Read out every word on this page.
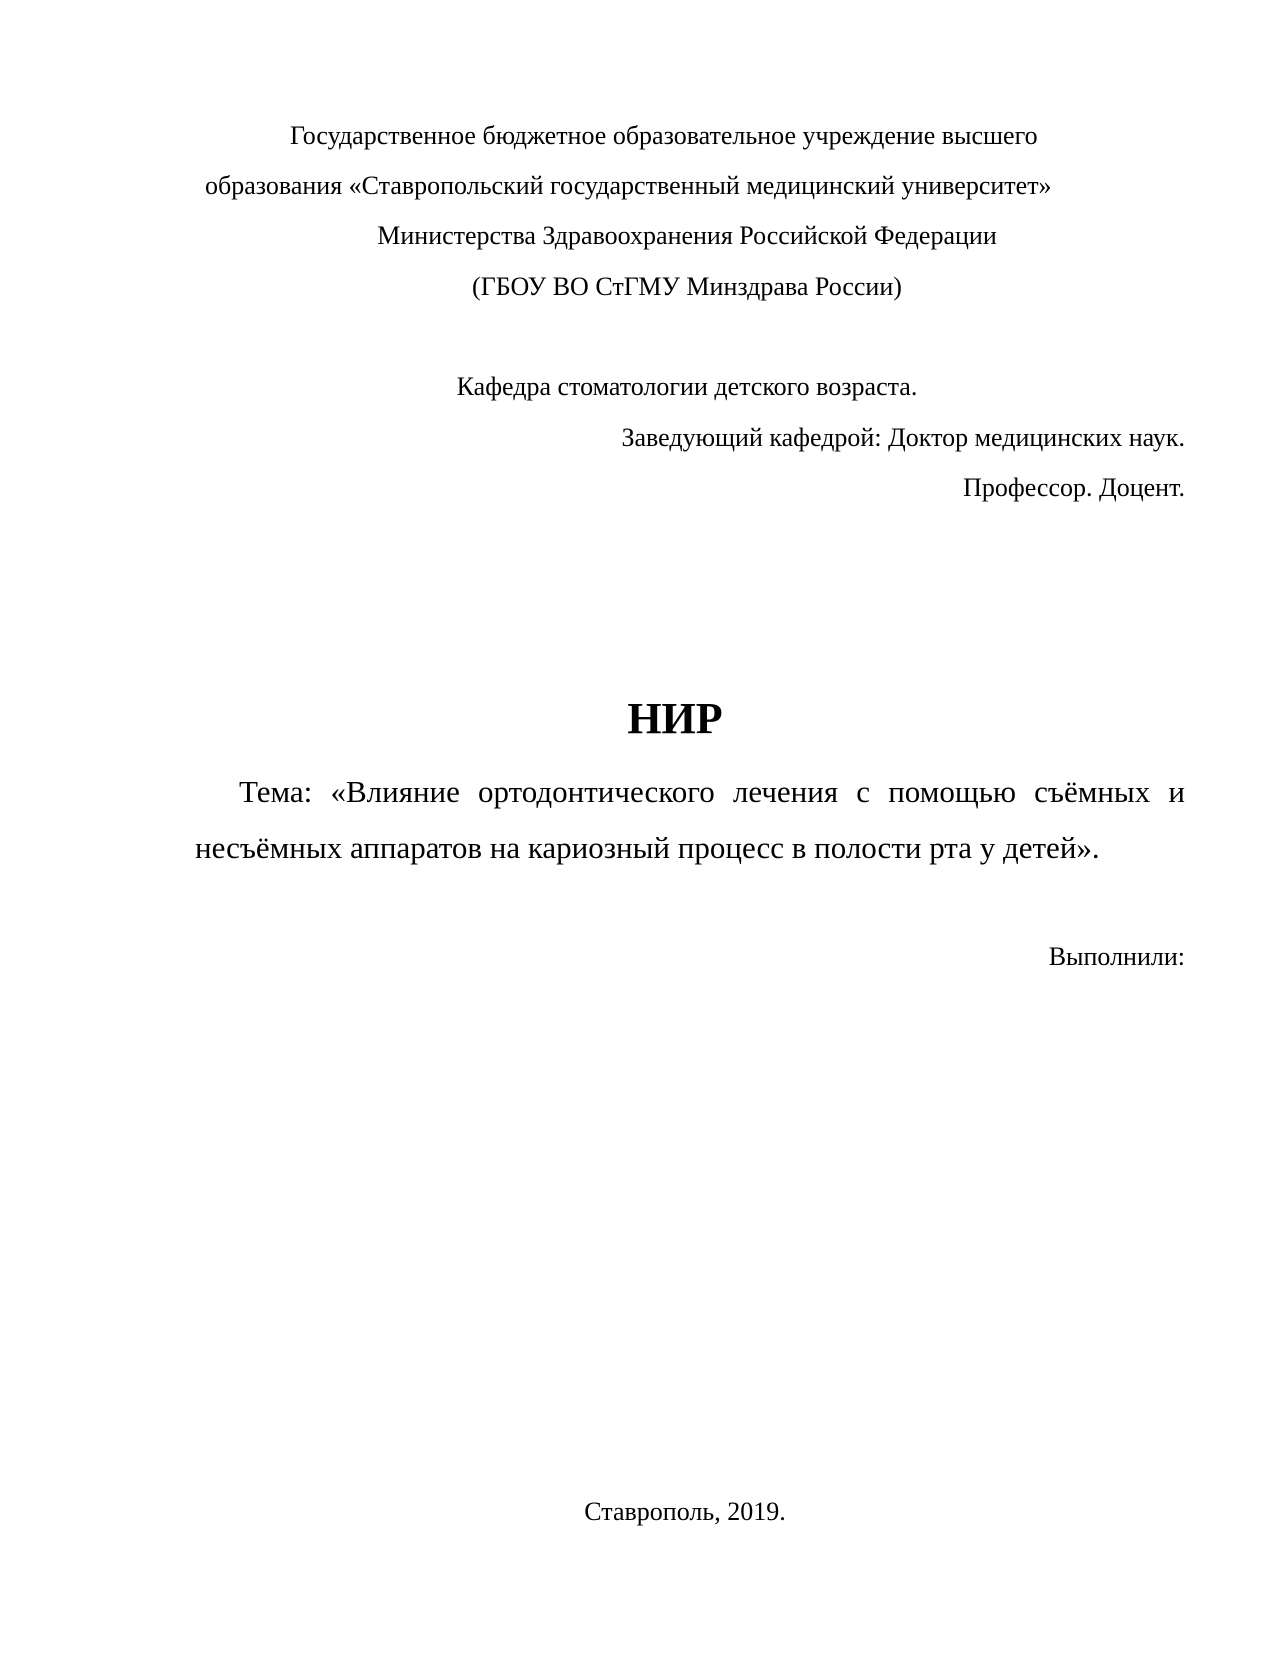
Государственное бюджетное образовательное учреждение высшего
образования «Ставропольский государственный медицинский университет»
Министерства Здравоохранения Российской Федерации
(ГБОУ ВО СтГМУ Минздрава России)
Кафедра стоматологии детского возраста.
Заведующий кафедрой: Доктор медицинских наук.
Профессор. Доцент.
НИР
Тема: «Влияние ортодонтического лечения с помощью съёмных и несъёмных аппаратов на кариозный процесс в полости рта у детей».
Выполнили:
Ставрополь, 2019.
